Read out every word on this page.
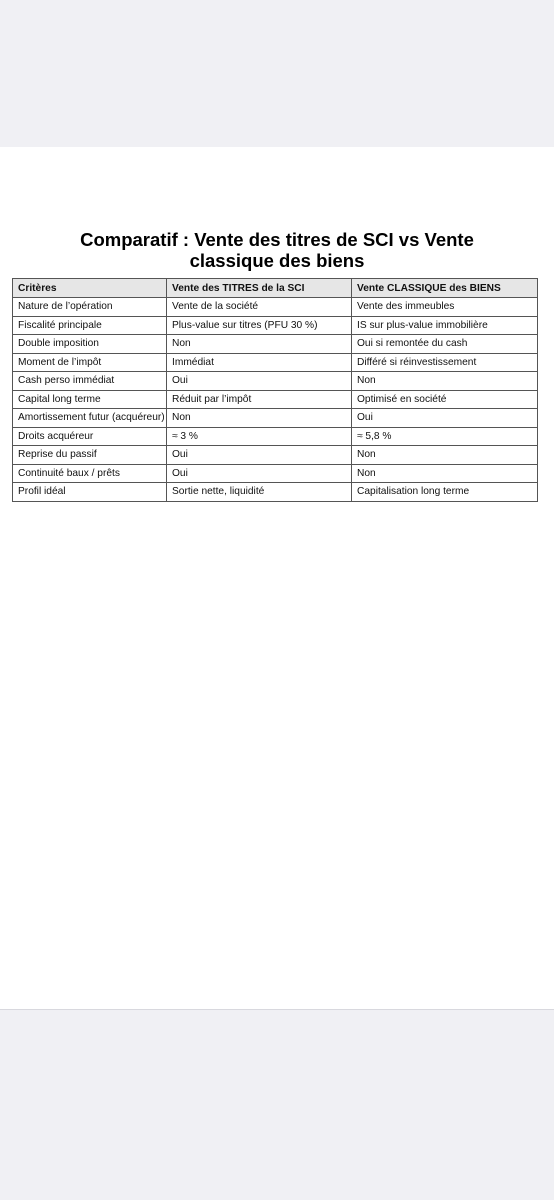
Comparatif : Vente des titres de SCI vs Vente
classique des biens
Critères	Vente des TITRES de la SCI	Vente CLASSIQUE des BIENS
Nature de l’opération	Vente de la société	Vente des immeubles
Fiscalité principale	Plus-value sur titres (PFU 30 %)	IS sur plus-value immobilière
Double imposition	Non	Oui si remontée du cash
Moment de l’impôt	Immédiat	Différé si réinvestissement
Cash perso immédiat	Oui	Non
Capital long terme	Réduit par l’impôt	Optimisé en société
Amortissement futur (acquéreur)	Non	Oui
Droits acquéreur	≈ 3 %	≈ 5,8 %
Reprise du passif	Oui	Non
Continuité baux / prêts	Oui	Non
Profil idéal	Sortie nette, liquidité	Capitalisation long terme
